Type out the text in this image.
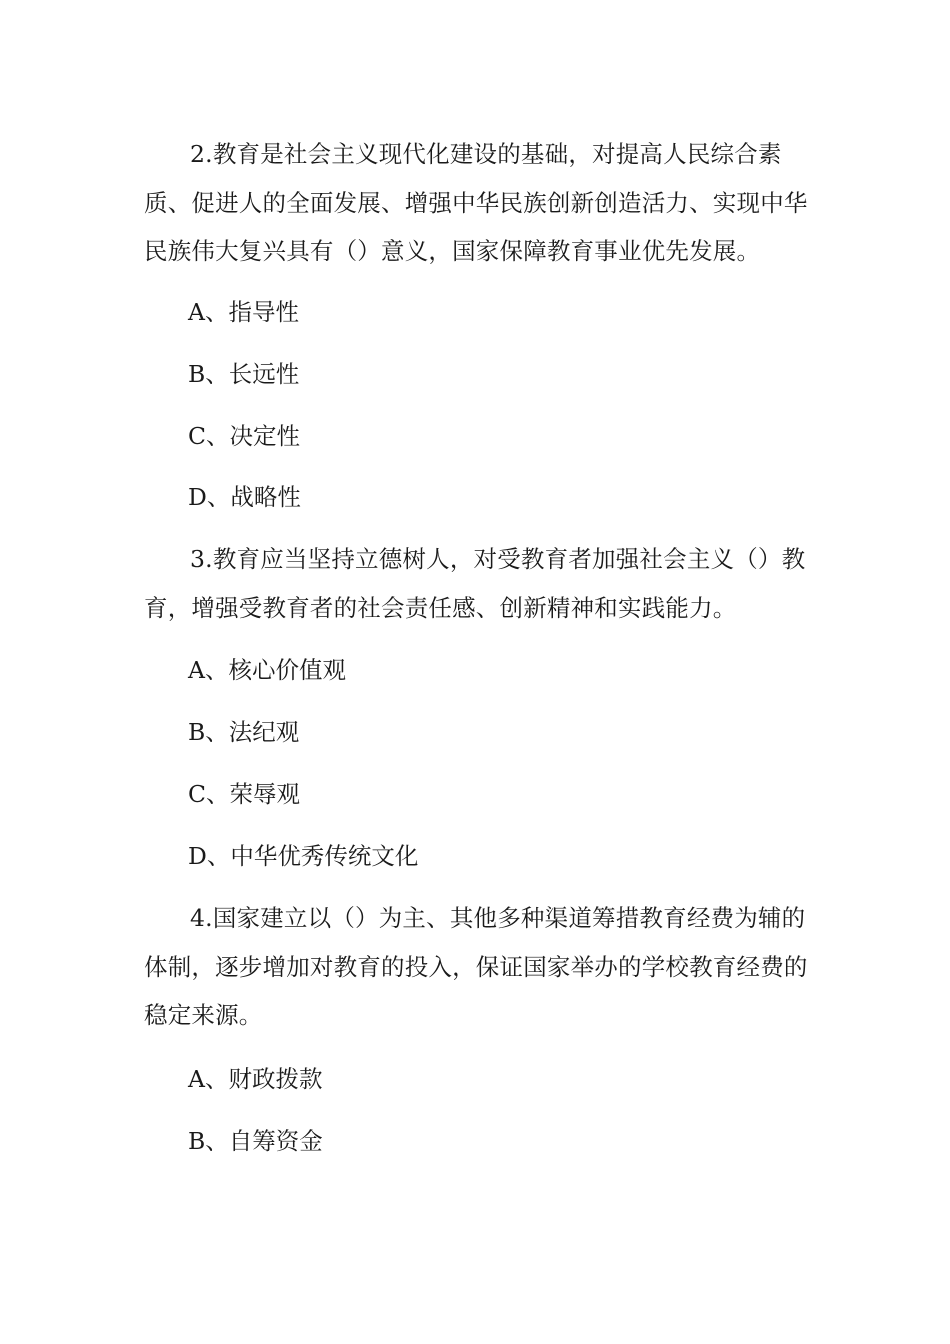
2.教育是社会主义现代化建设的基础，对提高人民综合素质、促进人的全面发展、增强中华民族创新创造活力、实现中华民族伟大复兴具有（）意义，国家保障教育事业优先发展。

A、指导性

B、长远性

C、决定性

D、战略性

3.教育应当坚持立德树人，对受教育者加强社会主义（）教育，增强受教育者的社会责任感、创新精神和实践能力。

A、核心价值观

B、法纪观

C、荣辱观

D、中华优秀传统文化

4.国家建立以（）为主、其他多种渠道筹措教育经费为辅的体制，逐步增加对教育的投入，保证国家举办的学校教育经费的稳定来源。

A、财政拨款

B、自筹资金
